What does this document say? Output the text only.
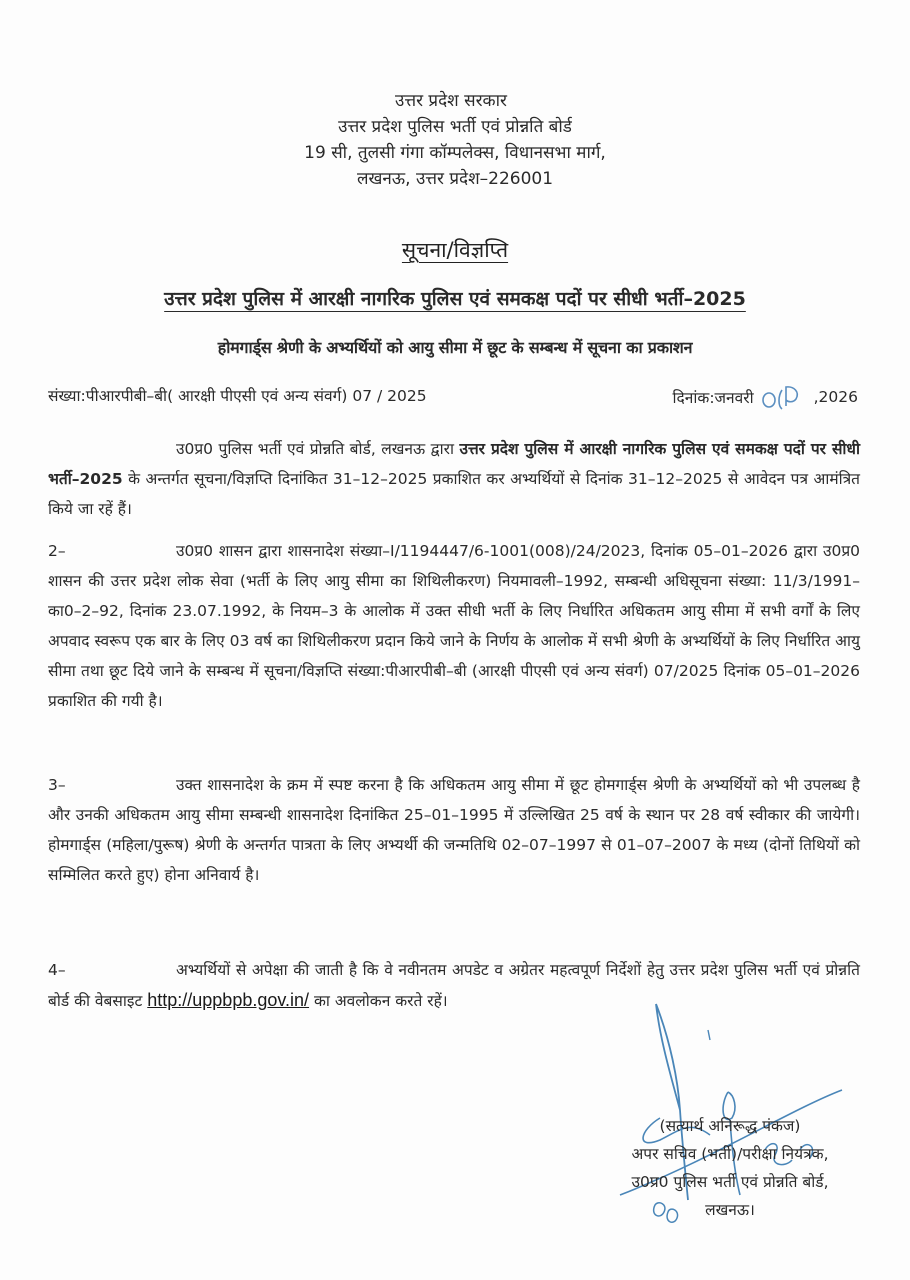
उत्तर प्रदेश सरकार
उत्तर प्रदेश पुलिस भर्ती एवं प्रोन्नति बोर्ड
19 सी, तुलसी गंगा कॉम्पलेक्स, विधानसभा मार्ग,
लखनऊ, उत्तर प्रदेश–226001
सूचना/विज्ञप्ति
उत्तर प्रदेश पुलिस में आरक्षी नागरिक पुलिस एवं समकक्ष पदों पर सीधी भर्ती–2025
होमगार्ड्स श्रेणी के अभ्यर्थियों को आयु सीमा में छूट के सम्बन्ध में सूचना का प्रकाशन
संख्या:पीआरपीबी–बी( आरक्षी पीएसी एवं अन्य संवर्ग) 07 / 2025	दिनांक:जनवरी	,2026

उ0प्र0 पुलिस भर्ती एवं प्रोन्नति बोर्ड, लखनऊ द्वारा उत्तर प्रदेश पुलिस में आरक्षी नागरिक पुलिस एवं समकक्ष पदों पर सीधी भर्ती–2025 के अन्तर्गत सूचना/विज्ञप्ति दिनांकित 31–12–2025 प्रकाशित कर अभ्यर्थियों से दिनांक 31–12–2025 से आवेदन पत्र आमंत्रित किये जा रहें हैं।

2–	उ0प्र0 शासन द्वारा शासनादेश संख्या–I/1194447/6-1001(008)/24/2023, दिनांक 05–01–2026 द्वारा उ0प्र0 शासन की उत्तर प्रदेश लोक सेवा (भर्ती के लिए आयु सीमा का शिथिलीकरण) नियमावली–1992, सम्बन्धी अधिसूचना संख्या: 11/3/1991–का0–2–92, दिनांक 23.07.1992, के नियम–3 के आलोक में उक्त सीधी भर्ती के लिए निर्धारित अधिकतम आयु सीमा में सभी वर्गों के लिए अपवाद स्वरूप एक बार के लिए 03 वर्ष का शिथिलीकरण प्रदान किये जाने के निर्णय के आलोक में सभी श्रेणी के अभ्यर्थियों के लिए निर्धारित आयु सीमा तथा छूट दिये जाने के सम्बन्ध में सूचना/विज्ञप्ति संख्या:पीआरपीबी–बी (आरक्षी पीएसी एवं अन्य संवर्ग) 07/2025 दिनांक 05–01–2026 प्रकाशित की गयी है।

3–	उक्त शासनादेश के क्रम में स्पष्ट करना है कि अधिकतम आयु सीमा में छूट होमगार्ड्स श्रेणी के अभ्यर्थियों को भी उपलब्ध है और उनकी अधिकतम आयु सीमा सम्बन्धी शासनादेश दिनांकित 25–01–1995 में उल्लिखित 25 वर्ष के स्थान पर 28 वर्ष स्वीकार की जायेगी। होमगार्ड्स (महिला/पुरूष) श्रेणी के अन्तर्गत पात्रता के लिए अभ्यर्थी की जन्मतिथि 02–07–1997 से 01–07–2007 के मध्य (दोनों तिथियों को सम्मिलित करते हुए) होना अनिवार्य है।

4–	अभ्यर्थियों से अपेक्षा की जाती है कि वे नवीनतम अपडेट व अग्रेतर महत्वपूर्ण निर्देशों हेतु उत्तर प्रदेश पुलिस भर्ती एवं प्रोन्नति बोर्ड की वेबसाइट http://uppbpb.gov.in/ का अवलोकन करते रहें।

(सत्यार्थ अनिरूद्ध पंकज)
अपर सचिव (भर्ती)/परीक्षा नियंत्रक,
उ0प्र0 पुलिस भर्ती एवं प्रोन्नति बोर्ड,
लखनऊ।
